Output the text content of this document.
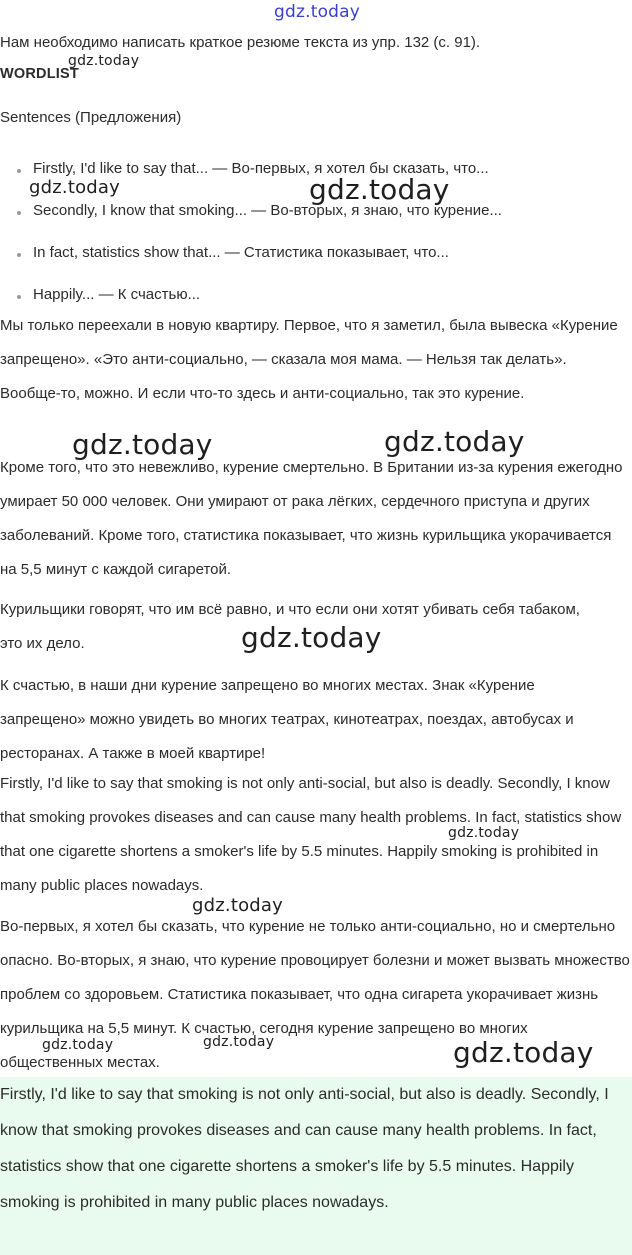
gdz.today
gdz.today
gdz.today	gdz.today
gdz.today	gdz.today
gdz.today
gdz.today
gdz.today
gdz.today	gdz.today	gdz.today

Нам необходимо написать краткое резюме текста из упр. 132 (с. 91).

WORDLIST

Sentences (Предложения)

Firstly, I'd like to say that... — Во-первых, я хотел бы сказать, что...
Secondly, I know that smoking... — Во-вторых, я знаю, что курение...
In fact, statistics show that... — Статистика показывает, что...
Happily... — К счастью...

Мы только переехали в новую квартиру. Первое, что я заметил, была вывеска «Курение запрещено». «Это анти-социально, — сказала моя мама. — Нельзя так делать». Вообще-то, можно. И если что-то здесь и анти-социально, так это курение.

Кроме того, что это невежливо, курение смертельно. В Британии из-за курения ежегодно умирает 50 000 человек. Они умирают от рака лёгких, сердечного приступа и других заболеваний. Кроме того, статистика показывает, что жизнь курильщика укорачивается на 5,5 минут с каждой сигаретой.

Курильщики говорят, что им всё равно, и что если они хотят убивать себя табаком, это их дело.

К счастью, в наши дни курение запрещено во многих местах. Знак «Курение запрещено» можно увидеть во многих театрах, кинотеатрах, поездах, автобусах и ресторанах. А также в моей квартире!

Firstly, I'd like to say that smoking is not only anti-social, but also is deadly. Secondly, I know that smoking provokes diseases and can cause many health problems. In fact, statistics show that one cigarette shortens a smoker's life by 5.5 minutes. Happily smoking is prohibited in many public places nowadays.

Во-первых, я хотел бы сказать, что курение не только анти-социально, но и смертельно опасно. Во-вторых, я знаю, что курение провоцирует болезни и может вызвать множество проблем со здоровьем. Статистика показывает, что одна сигарета укорачивает жизнь курильщика на 5,5 минут. К счастью, сегодня курение запрещено во многих общественных местах.

Firstly, I'd like to say that smoking is not only anti-social, but also is deadly. Secondly, I know that smoking provokes diseases and can cause many health problems. In fact, statistics show that one cigarette shortens a smoker's life by 5.5 minutes. Happily smoking is prohibited in many public places nowadays.
